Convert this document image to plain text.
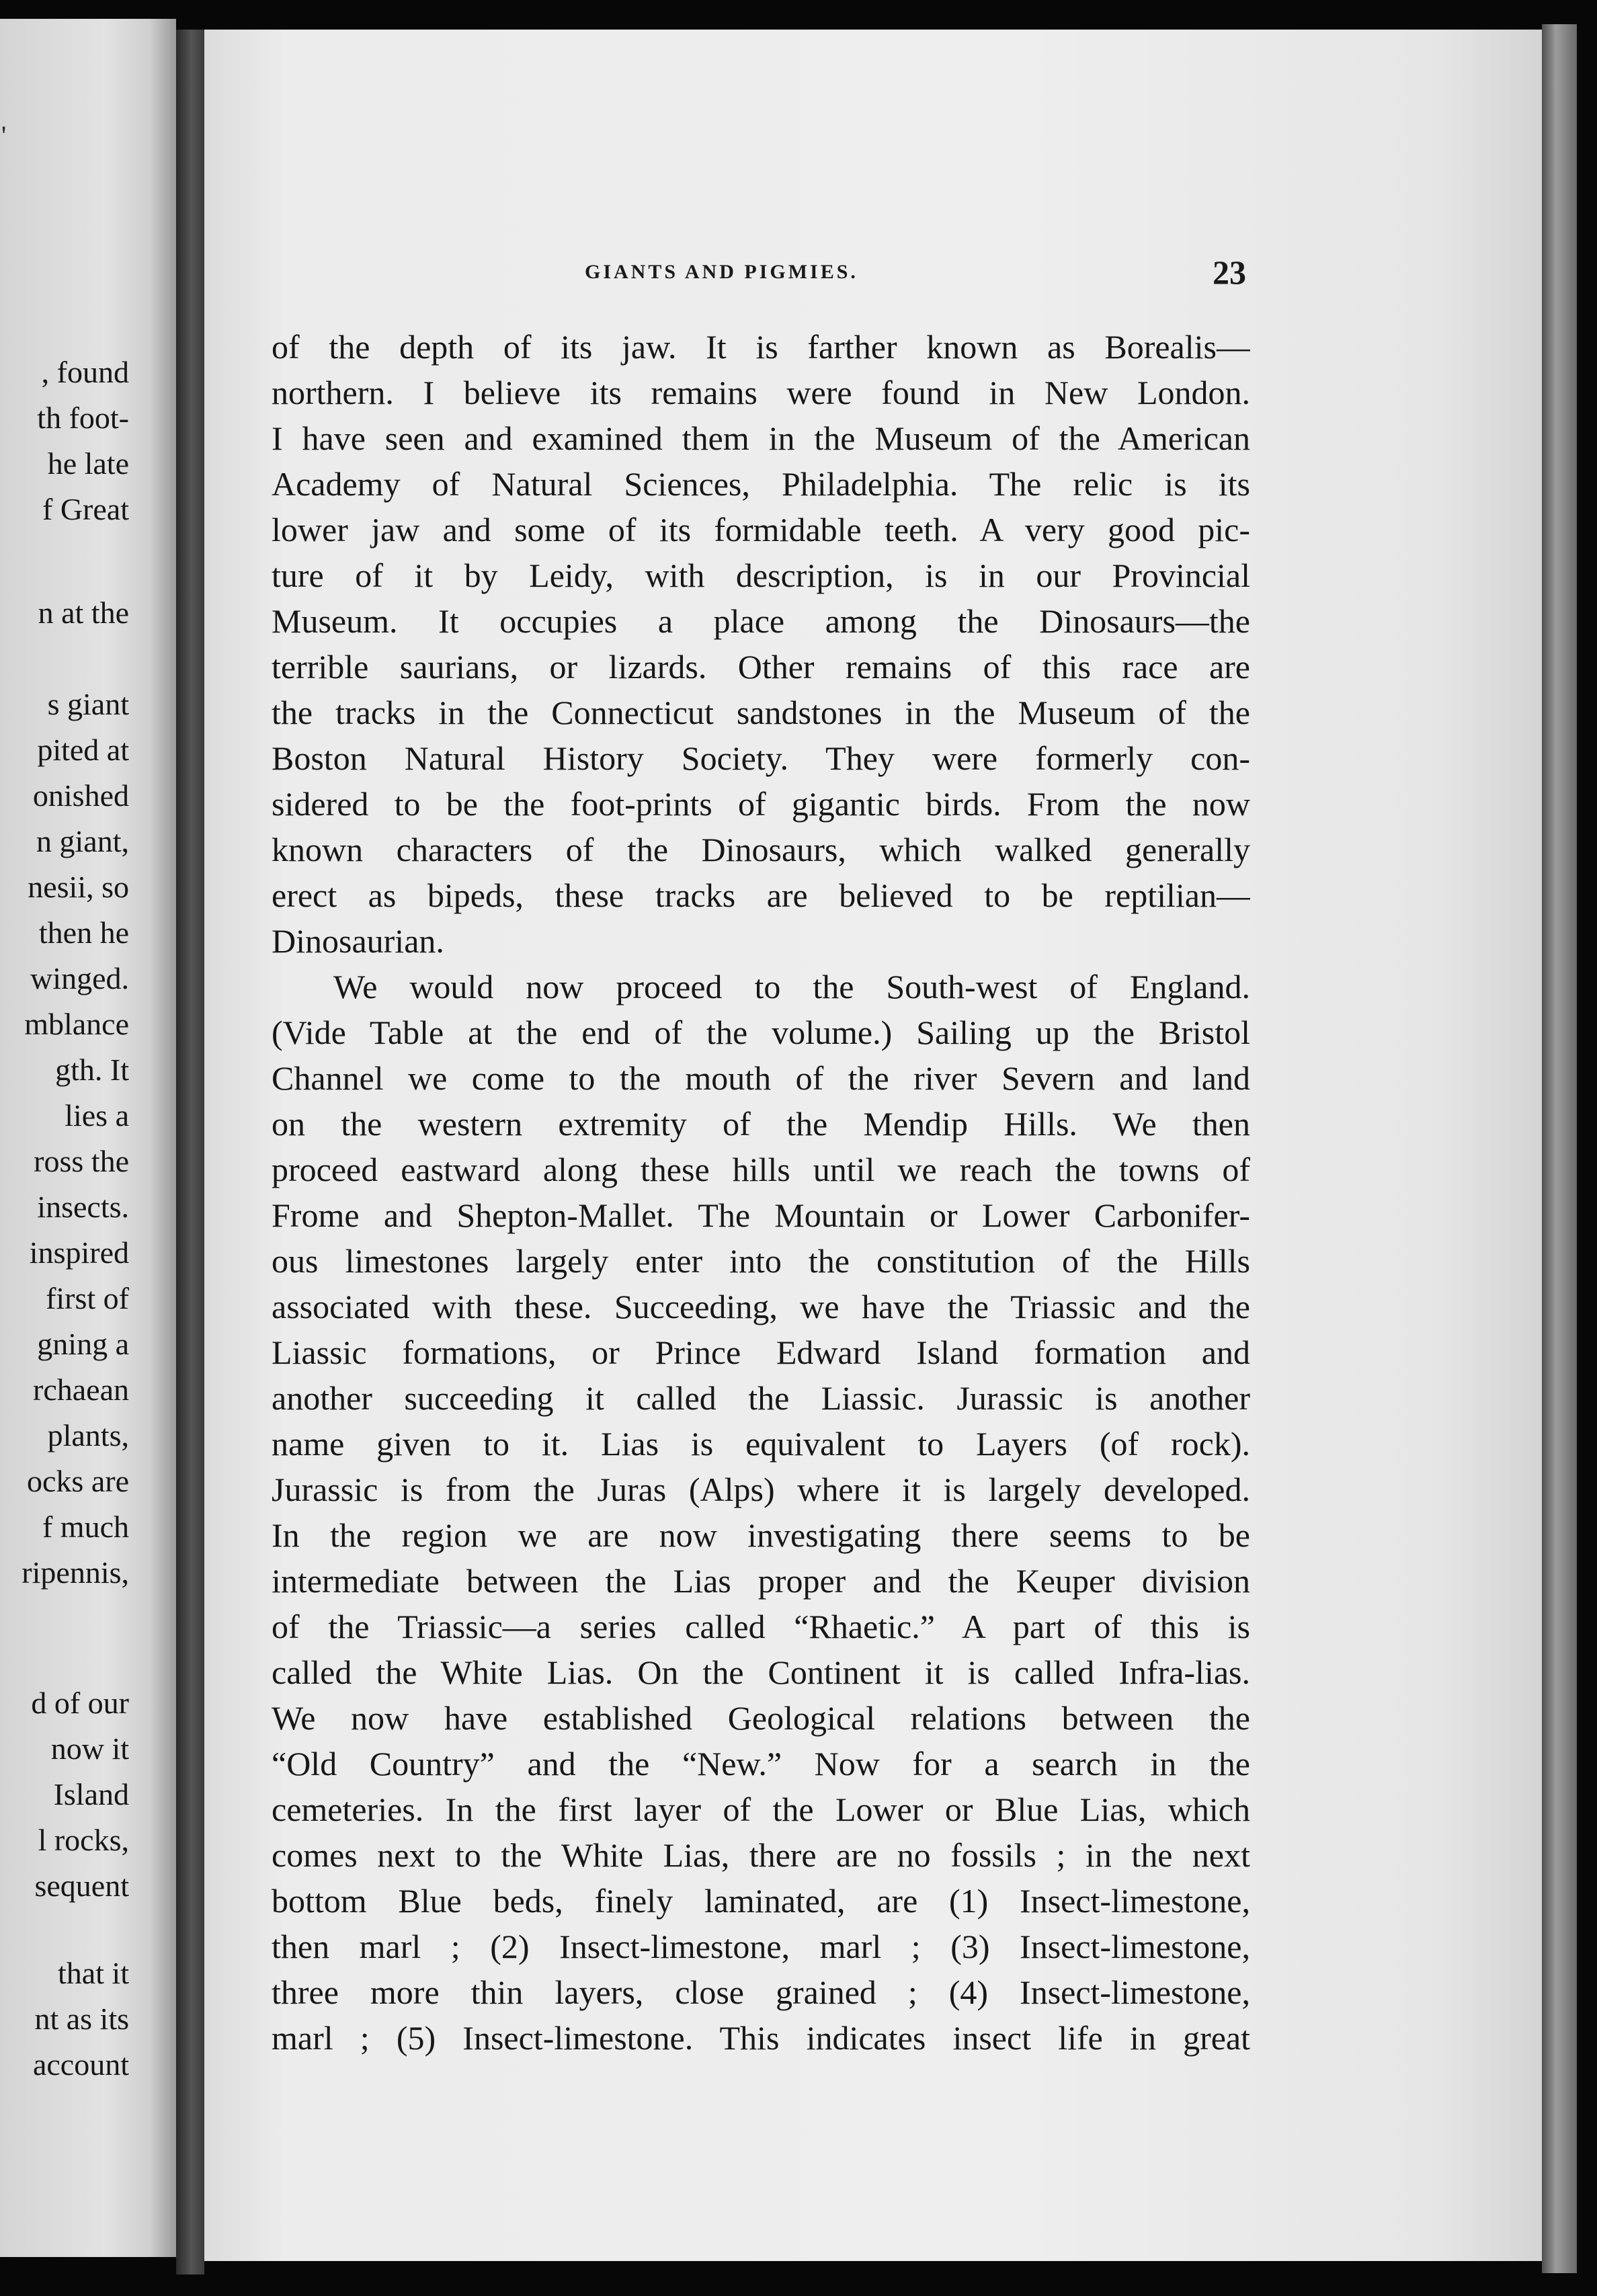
'

, found

th foot-

he late

f Great

n at the

s giant

pited at

onished

n giant,

nesii, so

then he

winged.

mblance

gth. It

lies a

ross the

insects.

inspired

first of

gning a

rchaean

plants,

ocks are

f much

ripennis,

d of our

now it

Island

l rocks,

sequent

that it

nt as its

account

GIANTS AND PIGMIES.	23

of the depth of its jaw. It is farther known as Borealis—

northern. I believe its remains were found in New London.

I have seen and examined them in the Museum of the American

Academy of Natural Sciences, Philadelphia. The relic is its

lower jaw and some of its formidable teeth. A very good pic-

ture of it by Leidy, with description, is in our Provincial

Museum. It occupies a place among the Dinosaurs—the

terrible saurians, or lizards. Other remains of this race are

the tracks in the Connecticut sandstones in the Museum of the

Boston Natural History Society. They were formerly con-

sidered to be the foot-prints of gigantic birds. From the now

known characters of the Dinosaurs, which walked generally

erect as bipeds, these tracks are believed to be reptilian—

Dinosaurian.

We would now proceed to the South-west of England.

(Vide Table at the end of the volume.) Sailing up the Bristol

Channel we come to the mouth of the river Severn and land

on the western extremity of the Mendip Hills. We then

proceed eastward along these hills until we reach the towns of

Frome and Shepton-Mallet. The Mountain or Lower Carbonifer-

ous limestones largely enter into the constitution of the Hills

associated with these. Succeeding, we have the Triassic and the

Liassic formations, or Prince Edward Island formation and

another succeeding it called the Liassic. Jurassic is another

name given to it. Lias is equivalent to Layers (of rock).

Jurassic is from the Juras (Alps) where it is largely developed.

In the region we are now investigating there seems to be

intermediate between the Lias proper and the Keuper division

of the Triassic—a series called “Rhaetic.” A part of this is

called the White Lias. On the Continent it is called Infra-lias.

We now have established Geological relations between the

“Old Country” and the “New.” Now for a search in the

cemeteries. In the first layer of the Lower or Blue Lias, which

comes next to the White Lias, there are no fossils ; in the next

bottom Blue beds, finely laminated, are (1) Insect-limestone,

then marl ; (2) Insect-limestone, marl ; (3) Insect-limestone,

three more thin layers, close grained ; (4) Insect-limestone,

marl ; (5) Insect-limestone. This indicates insect life in great
